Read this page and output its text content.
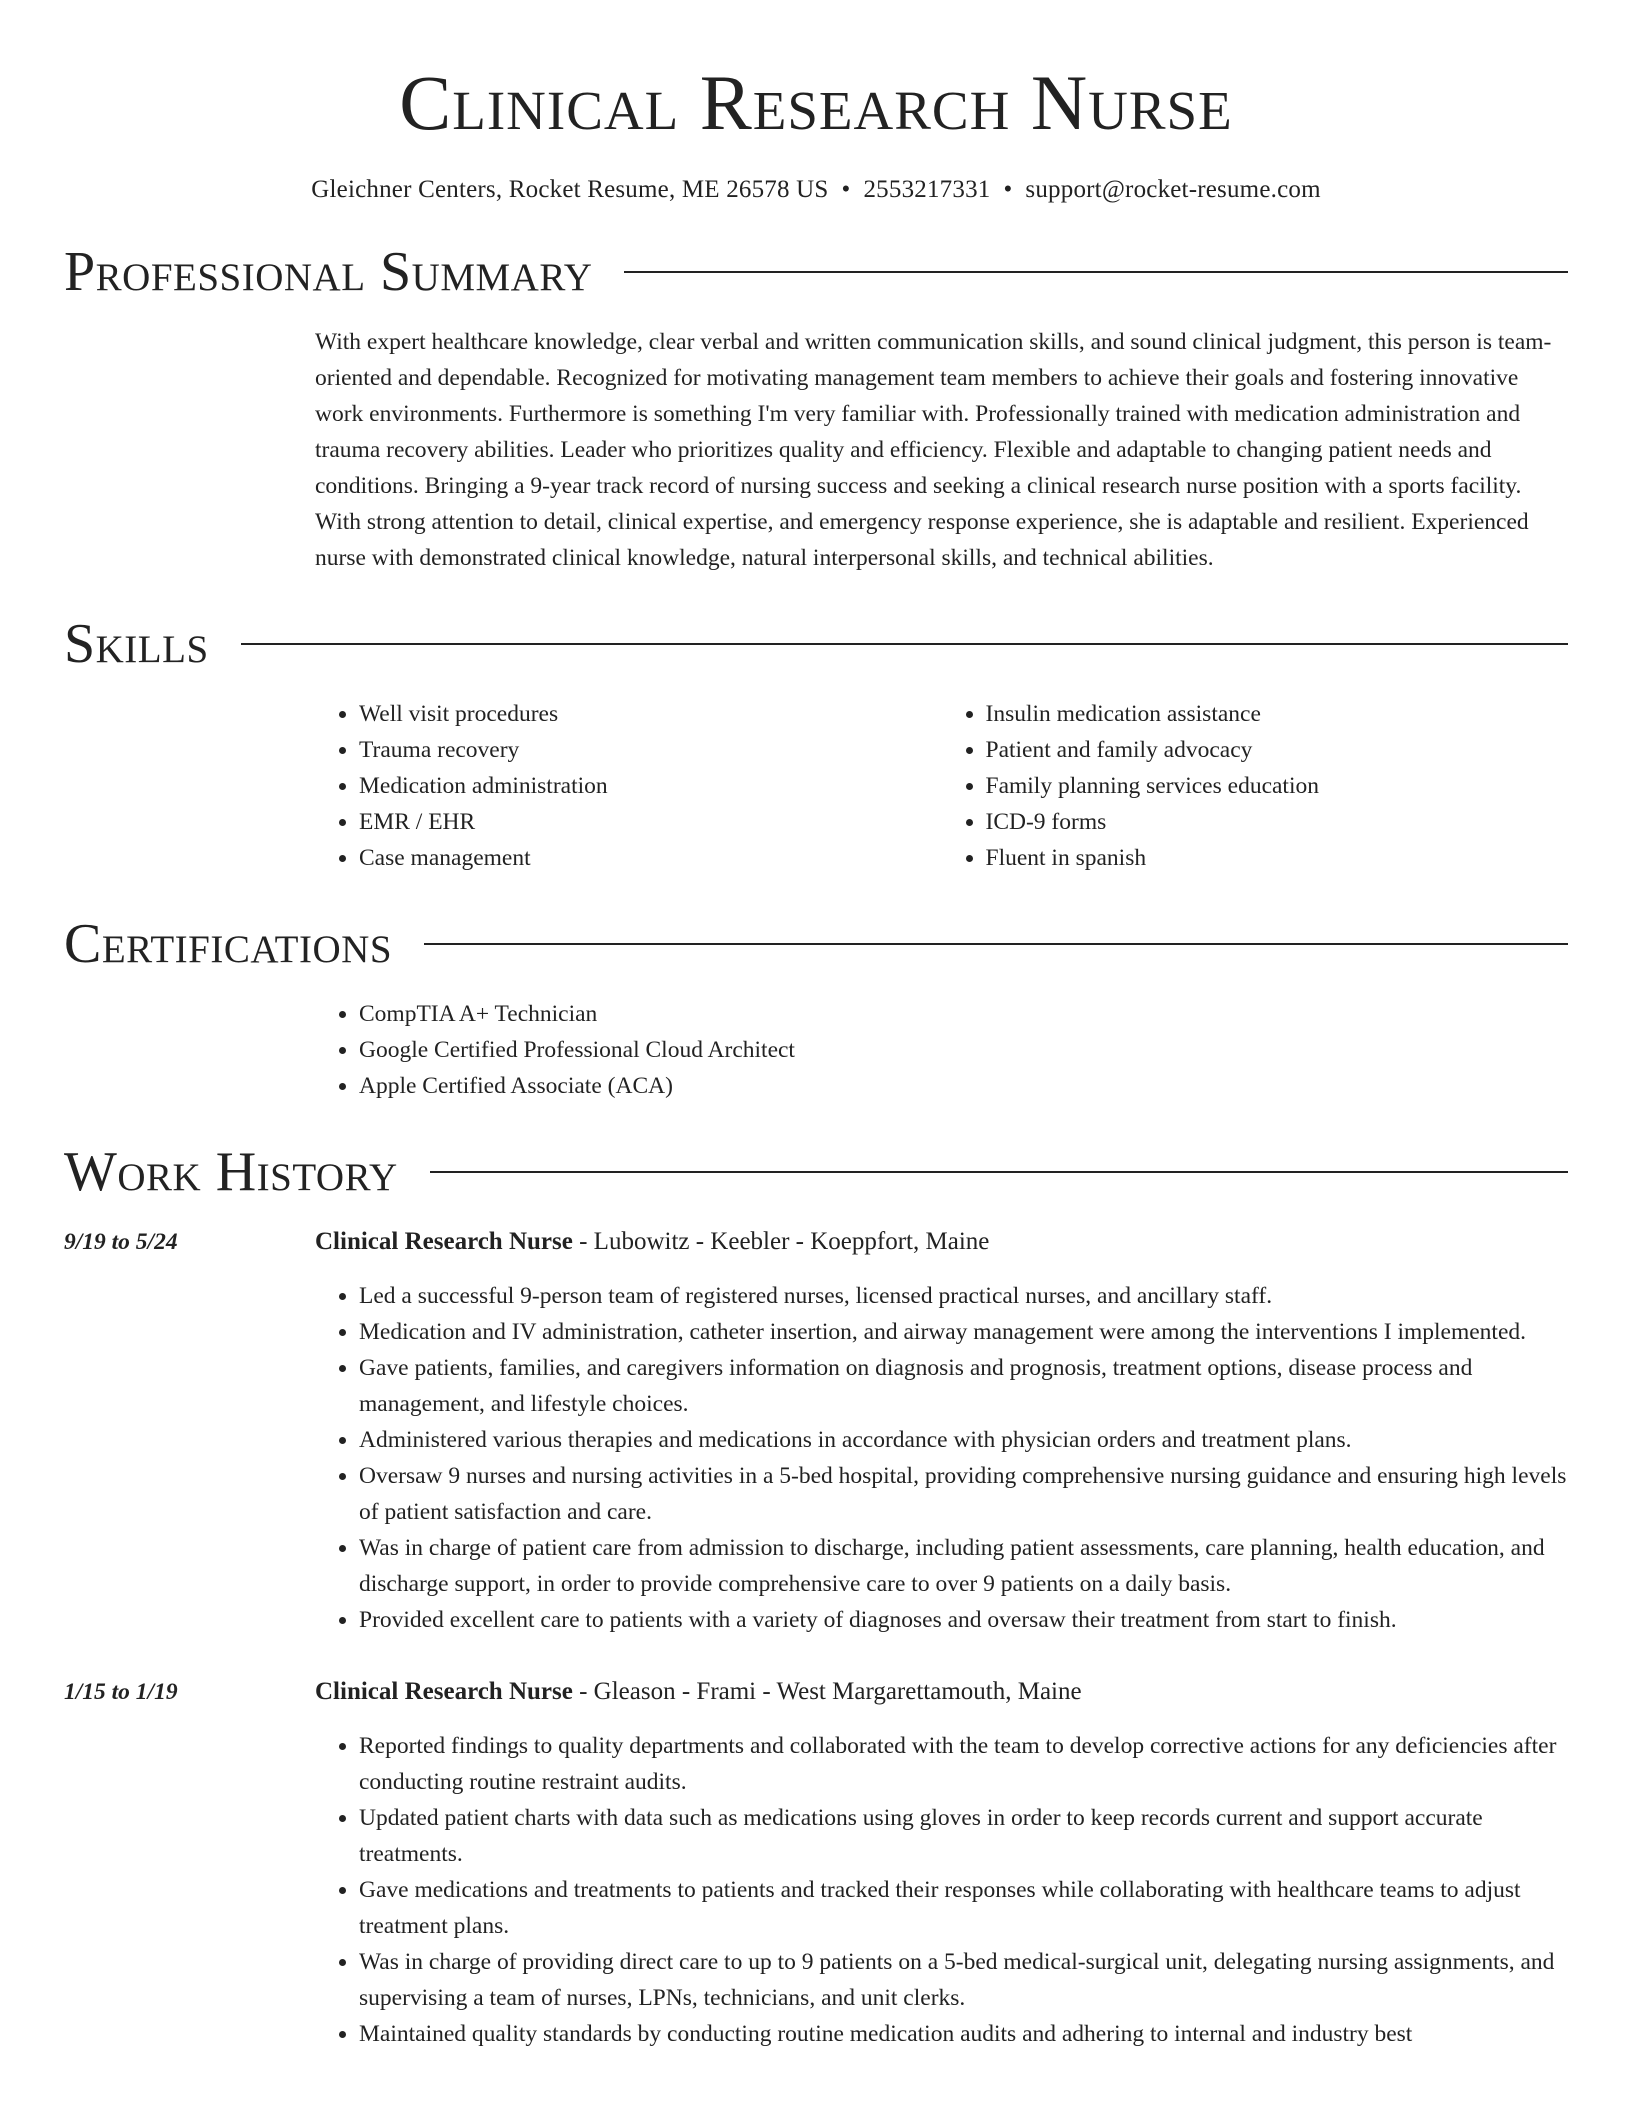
Clinical Research Nurse
Gleichner Centers, Rocket Resume, ME 26578 US • 2553217331 • support@rocket-resume.com
Professional Summary

With expert healthcare knowledge, clear verbal and written communication skills, and sound clinical judgment, this person is team-oriented and dependable. Recognized for motivating management team members to achieve their goals and fostering innovative work environments. Furthermore is something I'm very familiar with. Professionally trained with medication administration and trauma recovery abilities. Leader who prioritizes quality and efficiency. Flexible and adaptable to changing patient needs and conditions. Bringing a 9-year track record of nursing success and seeking a clinical research nurse position with a sports facility. With strong attention to detail, clinical expertise, and emergency response experience, she is adaptable and resilient. Experienced nurse with demonstrated clinical knowledge, natural interpersonal skills, and technical abilities.

Skills
• Well visit procedures
• Trauma recovery
• Medication administration
• EMR / EHR
• Case management
• Insulin medication assistance
• Patient and family advocacy
• Family planning services education
• ICD-9 forms
• Fluent in spanish
Certifications
• CompTIA A+ Technician
• Google Certified Professional Cloud Architect
• Apple Certified Associate (ACA)
Work History
9/19 to 5/24	Clinical Research Nurse - Lubowitz - Keebler - Koeppfort, Maine
• Led a successful 9-person team of registered nurses, licensed practical nurses, and ancillary staff.
• Medication and IV administration, catheter insertion, and airway management were among the interventions I implemented.
• Gave patients, families, and caregivers information on diagnosis and prognosis, treatment options, disease process and management, and lifestyle choices.
• Administered various therapies and medications in accordance with physician orders and treatment plans.
• Oversaw 9 nurses and nursing activities in a 5-bed hospital, providing comprehensive nursing guidance and ensuring high levels of patient satisfaction and care.
• Was in charge of patient care from admission to discharge, including patient assessments, care planning, health education, and discharge support, in order to provide comprehensive care to over 9 patients on a daily basis.
• Provided excellent care to patients with a variety of diagnoses and oversaw their treatment from start to finish.
1/15 to 1/19	Clinical Research Nurse - Gleason - Frami - West Margarettamouth, Maine
• Reported findings to quality departments and collaborated with the team to develop corrective actions for any deficiencies after conducting routine restraint audits.
• Updated patient charts with data such as medications using gloves in order to keep records current and support accurate treatments.
• Gave medications and treatments to patients and tracked their responses while collaborating with healthcare teams to adjust treatment plans.
• Was in charge of providing direct care to up to 9 patients on a 5-bed medical-surgical unit, delegating nursing assignments, and supervising a team of nurses, LPNs, technicians, and unit clerks.
• Maintained quality standards by conducting routine medication audits and adhering to internal and industry best
